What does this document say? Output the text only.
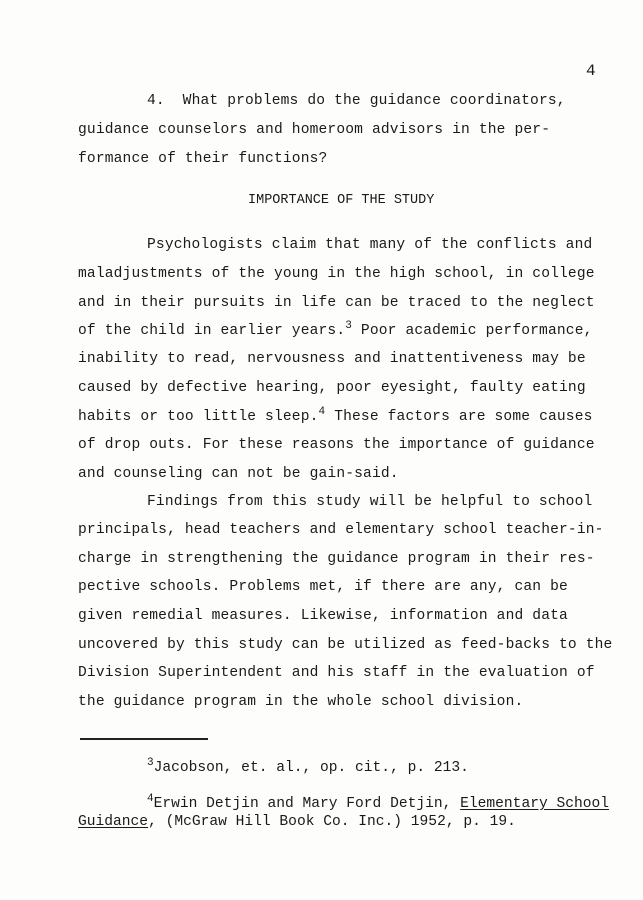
4
4. What problems do the guidance coordinators,
guidance counselors and homeroom advisors in the per-
formance of their functions?
IMPORTANCE OF THE STUDY
Psychologists claim that many of the conflicts and
maladjustments of the young in the high school, in college
and in their pursuits in life can be traced to the neglect
of the child in earlier years.$^3$ Poor academic performance,
inability to read, nervousness and inattentiveness may be
caused by defective hearing, poor eyesight, faulty eating
habits or too little sleep.$^4$ These factors are some causes
of drop outs. For these reasons the importance of guidance
and counseling can not be gain-said.
Findings from this study will be helpful to school
principals, head teachers and elementary school teacher-in-
charge in strengthening the guidance program in their res-
pective schools. Problems met, if there are any, can be
given remedial measures. Likewise, information and data
uncovered by this study can be utilized as feed-backs to the
Division Superintendent and his staff in the evaluation of
the guidance program in the whole school division.
$^3$Jacobson, et. al., op. cit., p. 213.
$^4$Erwin Detjin and Mary Ford Detjin, Elementary School
Guidance, (McGraw Hill Book Co. Inc.) 1952, p. 19.
